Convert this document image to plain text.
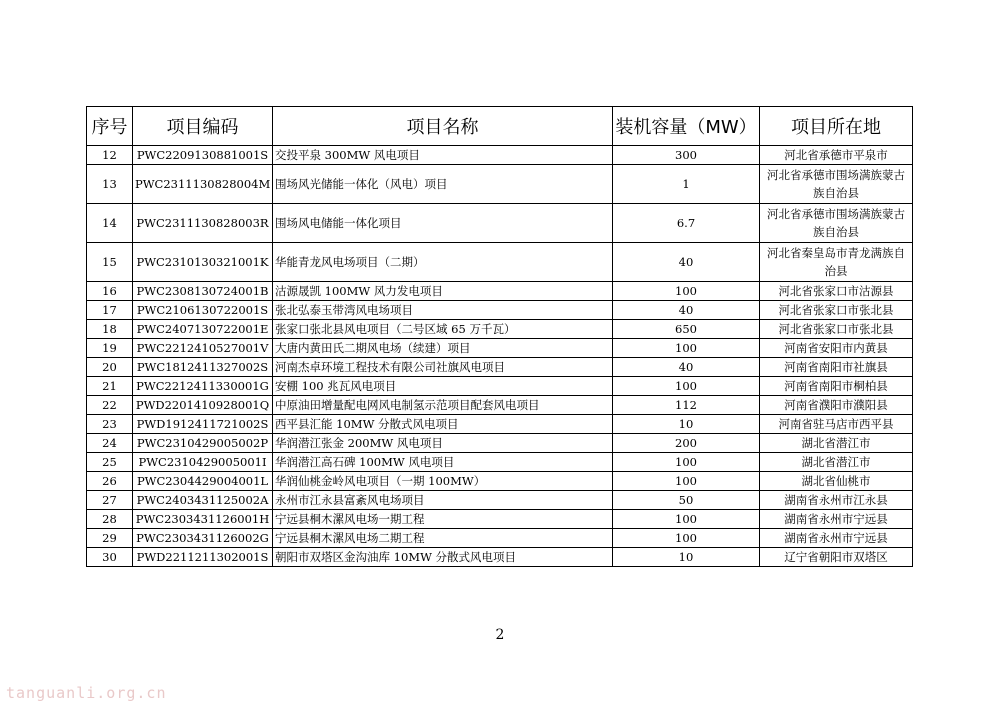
序号	项目编码	项目名称	装机容量（MW）	项目所在地
12	PWC2209130881001S	交投平泉 300MW 风电项目	300	河北省承德市平泉市
13	PWC2311130828004M	围场风光储能一体化（风电）项目	1	河北省承德市围场满族蒙古族自治县
14	PWC2311130828003R	围场风电储能一体化项目	6.7	河北省承德市围场满族蒙古族自治县
15	PWC2310130321001K	华能青龙风电场项目（二期）	40	河北省秦皇岛市青龙满族自治县
16	PWC2308130724001B	沽源晟凯 100MW 风力发电项目	100	河北省张家口市沽源县
17	PWC2106130722001S	张北弘泰玉带湾风电场项目	40	河北省张家口市张北县
18	PWC2407130722001E	张家口张北县风电项目（二号区域 65 万千瓦）	650	河北省张家口市张北县
19	PWC2212410527001V	大唐内黄田氏二期风电场（续建）项目	100	河南省安阳市内黄县
20	PWC1812411327002S	河南杰卓环境工程技术有限公司社旗风电项目	40	河南省南阳市社旗县
21	PWC2212411330001G	安棚 100 兆瓦风电项目	100	河南省南阳市桐柏县
22	PWD2201410928001Q	中原油田增量配电网风电制氢示范项目配套风电项目	112	河南省濮阳市濮阳县
23	PWD1912411721002S	西平县汇能 10MW 分散式风电项目	10	河南省驻马店市西平县
24	PWC2310429005002P	华润潜江张金 200MW 风电项目	200	湖北省潜江市
25	PWC2310429005001I	华润潜江高石碑 100MW 风电项目	100	湖北省潜江市
26	PWC2304429004001L	华润仙桃金岭风电项目（一期 100MW）	100	湖北省仙桃市
27	PWC2403431125002A	永州市江永县富紊风电场项目	50	湖南省永州市江永县
28	PWC2303431126001H	宁远县桐木漯风电场一期工程	100	湖南省永州市宁远县
29	PWC2303431126002G	宁远县桐木漯风电场二期工程	100	湖南省永州市宁远县
30	PWD2211211302001S	朝阳市双塔区金沟油库 10MW 分散式风电项目	10	辽宁省朝阳市双塔区
2
tanguanli.org.cn
